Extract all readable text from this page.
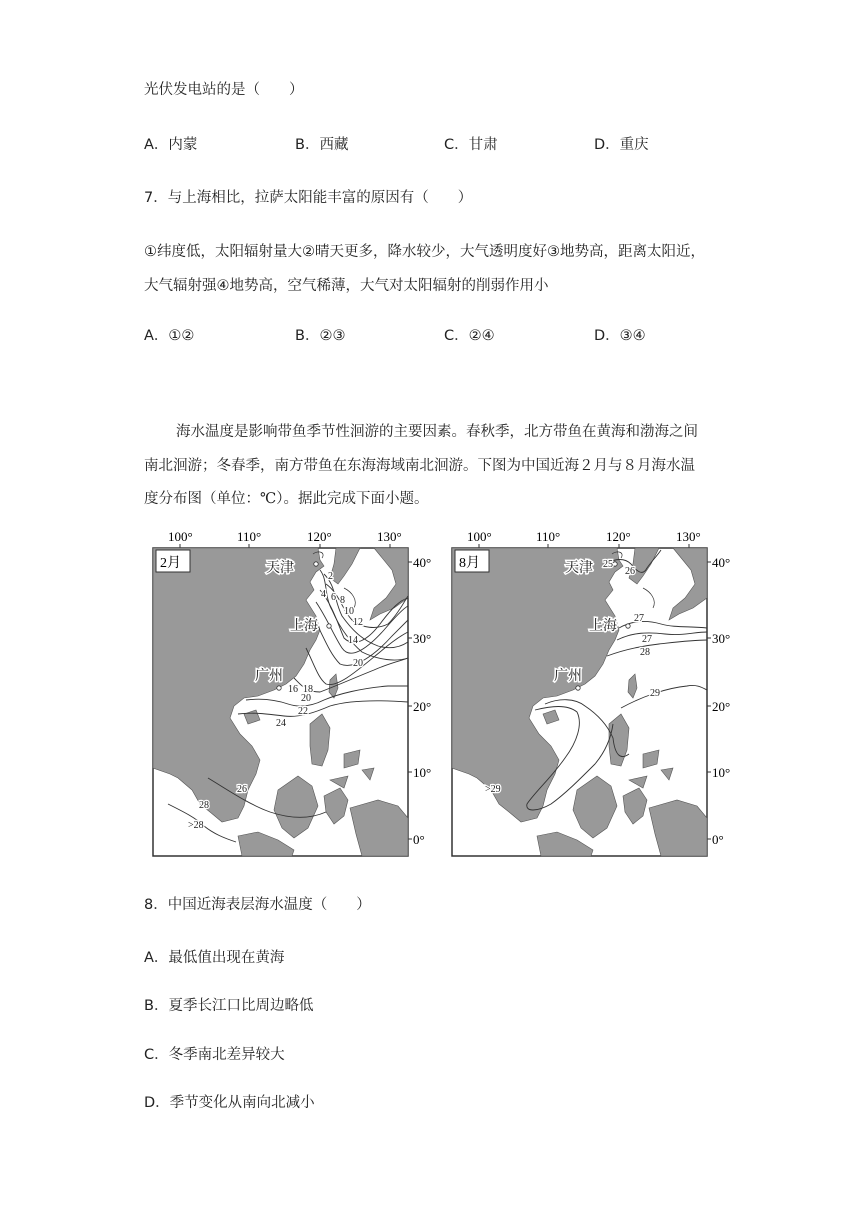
光伏发电站的是（　　）
A．内蒙	B．西藏	C．甘肃	D．重庆
7．与上海相比，拉萨太阳能丰富的原因有（　　）
①纬度低，太阳辐射量大②晴天更多，降水较少，大气透明度好③地势高，距离太阳近，
大气辐射强④地势高，空气稀薄，大气对太阳辐射的削弱作用小
A．①②	B．②③	C．②④	D．③④
海水温度是影响带鱼季节性洄游的主要因素。春秋季，北方带鱼在黄海和渤海之间
南北洄游；冬春季，南方带鱼在东海海域南北洄游。下图为中国近海２月与８月海水温
度分布图（单位：℃）。据此完成下面小题。
100°	110°	120°	130°
40°
30°
20°
10°
0°
2月	天津
上海
广州
2
4 6 8
10
12
14
16 18
20
20
22
24
26
28
>28
100°	110°	120°	130°
40°
30°
20°
10°
0°
8月	天津
上海
广州
25
26
27
27
28
29
>29
8．中国近海表层海水温度（　　）
A．最低值出现在黄海
B．夏季长江口比周边略低
C．冬季南北差异较大
D．季节变化从南向北减小
